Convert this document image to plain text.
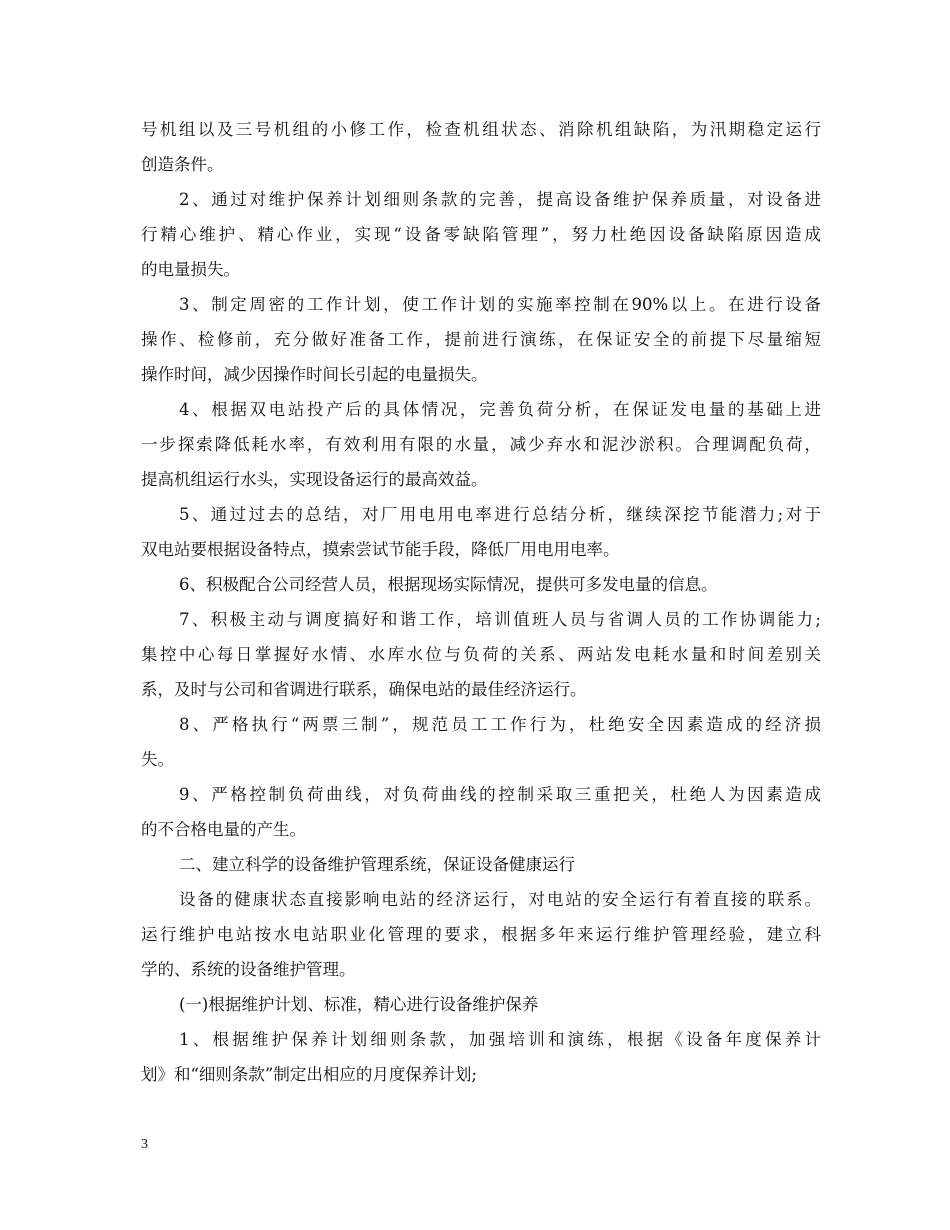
号机组以及三号机组的小修工作，检查机组状态、消除机组缺陷，为汛期稳定运行
创造条件。
2、通过对维护保养计划细则条款的完善，提高设备维护保养质量，对设备进
行精心维护、精心作业，实现“设备零缺陷管理”，努力杜绝因设备缺陷原因造成
的电量损失。
3、制定周密的工作计划，使工作计划的实施率控制在90%以上。在进行设备
操作、检修前，充分做好准备工作，提前进行演练，在保证安全的前提下尽量缩短
操作时间，减少因操作时间长引起的电量损失。
4、根据双电站投产后的具体情况，完善负荷分析，在保证发电量的基础上进
一步探索降低耗水率，有效利用有限的水量，减少弃水和泥沙淤积。合理调配负荷，
提高机组运行水头，实现设备运行的最高效益。
5、通过过去的总结，对厂用电用电率进行总结分析，继续深挖节能潜力;对于
双电站要根据设备特点，摸索尝试节能手段，降低厂用电用电率。
6、积极配合公司经营人员，根据现场实际情况，提供可多发电量的信息。
7、积极主动与调度搞好和谐工作，培训值班人员与省调人员的工作协调能力;
集控中心每日掌握好水情、水库水位与负荷的关系、两站发电耗水量和时间差别关
系，及时与公司和省调进行联系，确保电站的最佳经济运行。
8、严格执行“两票三制”，规范员工工作行为，杜绝安全因素造成的经济损
失。
9、严格控制负荷曲线，对负荷曲线的控制采取三重把关，杜绝人为因素造成
的不合格电量的产生。
二、建立科学的设备维护管理系统，保证设备健康运行
设备的健康状态直接影响电站的经济运行，对电站的安全运行有着直接的联系。
运行维护电站按水电站职业化管理的要求，根据多年来运行维护管理经验，建立科
学的、系统的设备维护管理。
(一)根据维护计划、标准，精心进行设备维护保养
1、根据维护保养计划细则条款，加强培训和演练，根据《设备年度保养计
划》和“细则条款”制定出相应的月度保养计划;
3
